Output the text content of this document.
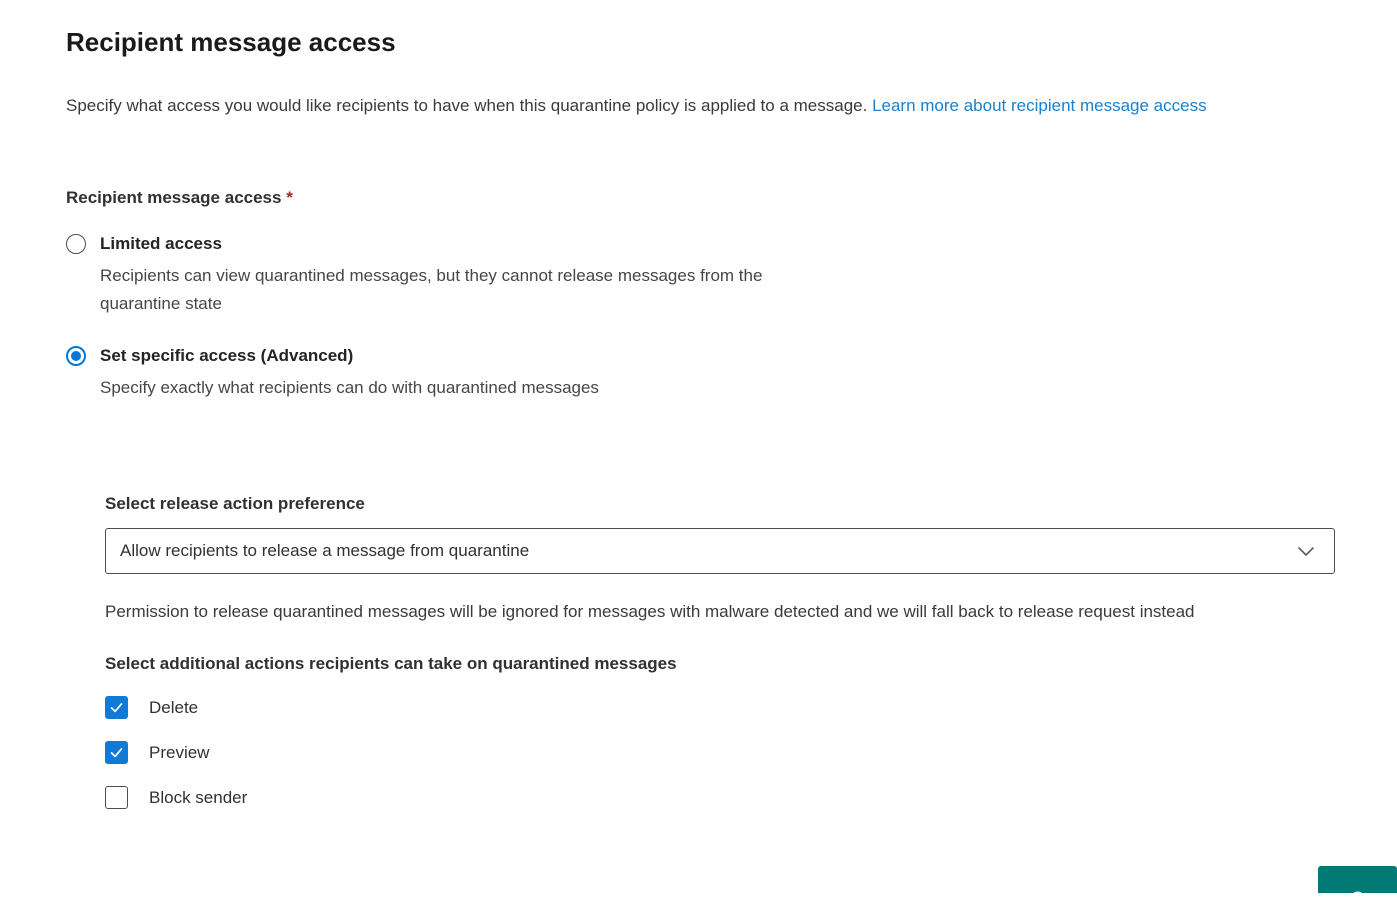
Recipient message access

Specify what access you would like recipients to have when this quarantine policy is applied to a message. Learn more about recipient message access

Recipient message access *
Limited access
Recipients can view quarantined messages, but they cannot release messages from the quarantine state
Set specific access (Advanced)
Specify exactly what recipients can do with quarantined messages
Select release action preference
Allow recipients to release a message from quarantine
Permission to release quarantined messages will be ignored for messages with malware detected and we will fall back to release request instead
Select additional actions recipients can take on quarantined messages
Delete
Preview
Block sender
?
